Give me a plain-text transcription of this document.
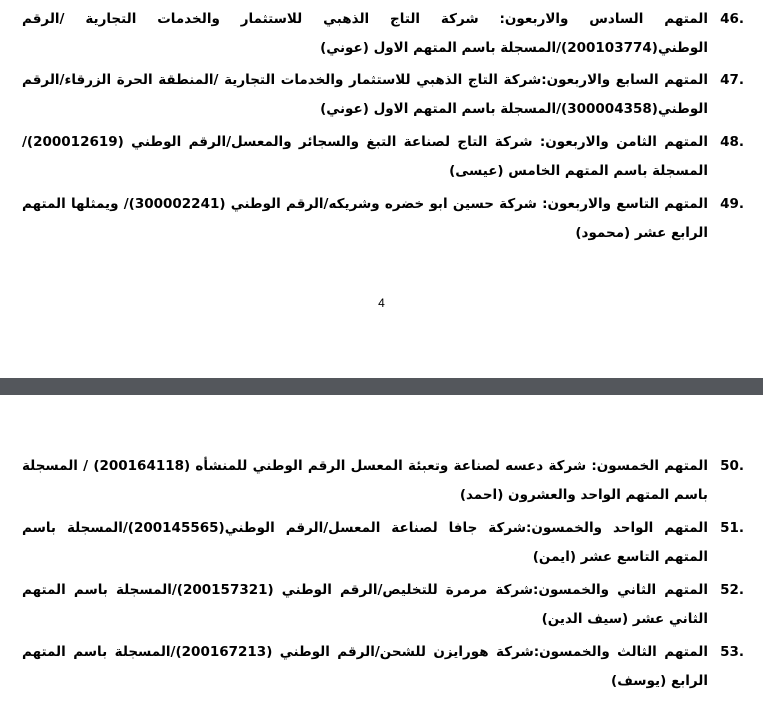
46.
المتهم السادس والاربعون: شركة التاج الذهبي للاستثمار والخدمات التجارية /الرقم الوطني(200103774)/المسجلة باسم المتهم الاول (عوني)

47.
المتهم السابع والاربعون:شركة التاج الذهبي للاستثمار والخدمات التجارية /المنطقة الحرة الزرقاء/الرقم الوطني(300004358)/المسجلة باسم المتهم الاول (عوني)

48.
المتهم الثامن والاربعون: شركة التاج لصناعة التبغ والسجائر والمعسل/الرقم الوطني (200012619)/المسجلة باسم المتهم الخامس (عيسى)

49.
المتهم التاسع والاربعون: شركة حسين ابو خضره وشريكه/الرقم الوطني (300002241)/ ويمثلها المتهم الرابع عشر (محمود)

4

50.
المتهم الخمسون: شركة دعسه لصناعة وتعبئة المعسل الرقم الوطني للمنشأه (200164118) / المسجلة باسم المتهم الواحد والعشرون (احمد)

51.
المتهم الواحد والخمسون:شركة جافا لصناعة المعسل/الرقم الوطني(200145565)/المسجلة باسم المتهم التاسع عشر (ايمن)

52.
المتهم الثاني والخمسون:شركة مرمرة للتخليص/الرقم الوطني (200157321)/المسجلة باسم المتهم الثاني عشر (سيف الدين)

53.
المتهم الثالث والخمسون:شركة هورايزن للشحن/الرقم الوطني (200167213)/المسجلة باسم المتهم الرابع (يوسف)
